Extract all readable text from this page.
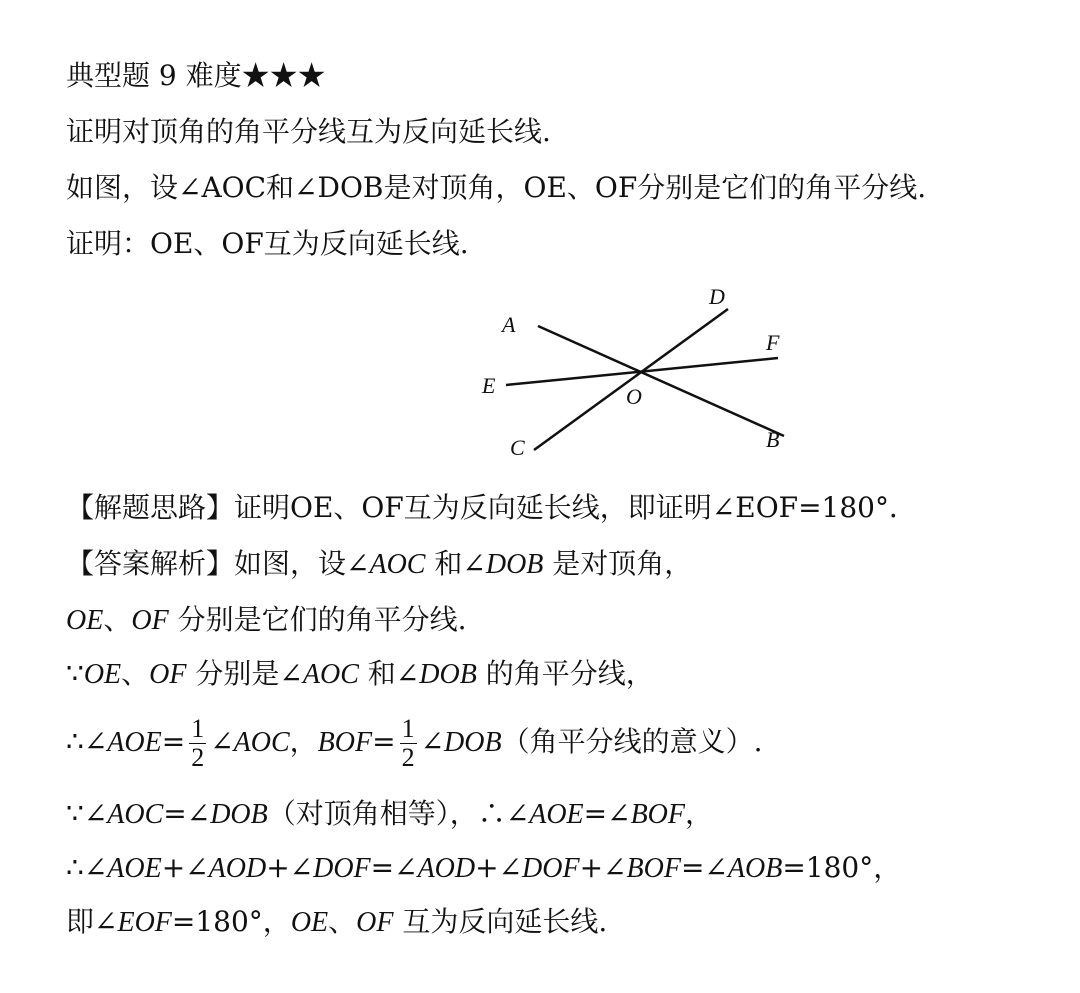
典型题 9 难度★★★
证明对顶角的角平分线互为反向延长线.
如图，设∠AOC和∠DOB是对顶角，OE、OF分别是它们的角平分线.
证明：OE、OF互为反向延长线.
A
D
F
E	O
C	B
【解题思路】证明OE、OF互为反向延长线，即证明∠EOF=180°．
【答案解析】如图，设∠AOC 和∠DOB 是对顶角，
OE、OF 分别是它们的角平分线.
∵OE、OF 分别是∠AOC 和∠DOB 的角平分线，
∴∠AOE= $\frac{1}{2}$ ∠AOC，$BOF= \frac{1}{2}$ ∠DOB（角平分线的意义）.
∵∠AOC=∠DOB（对顶角相等），∴∠AOE=∠BOF，
∴∠AOE+∠AOD+∠DOF=∠AOD+∠DOF+∠BOF=∠AOB=180°，
即∠EOF=180°，OE、OF 互为反向延长线.
